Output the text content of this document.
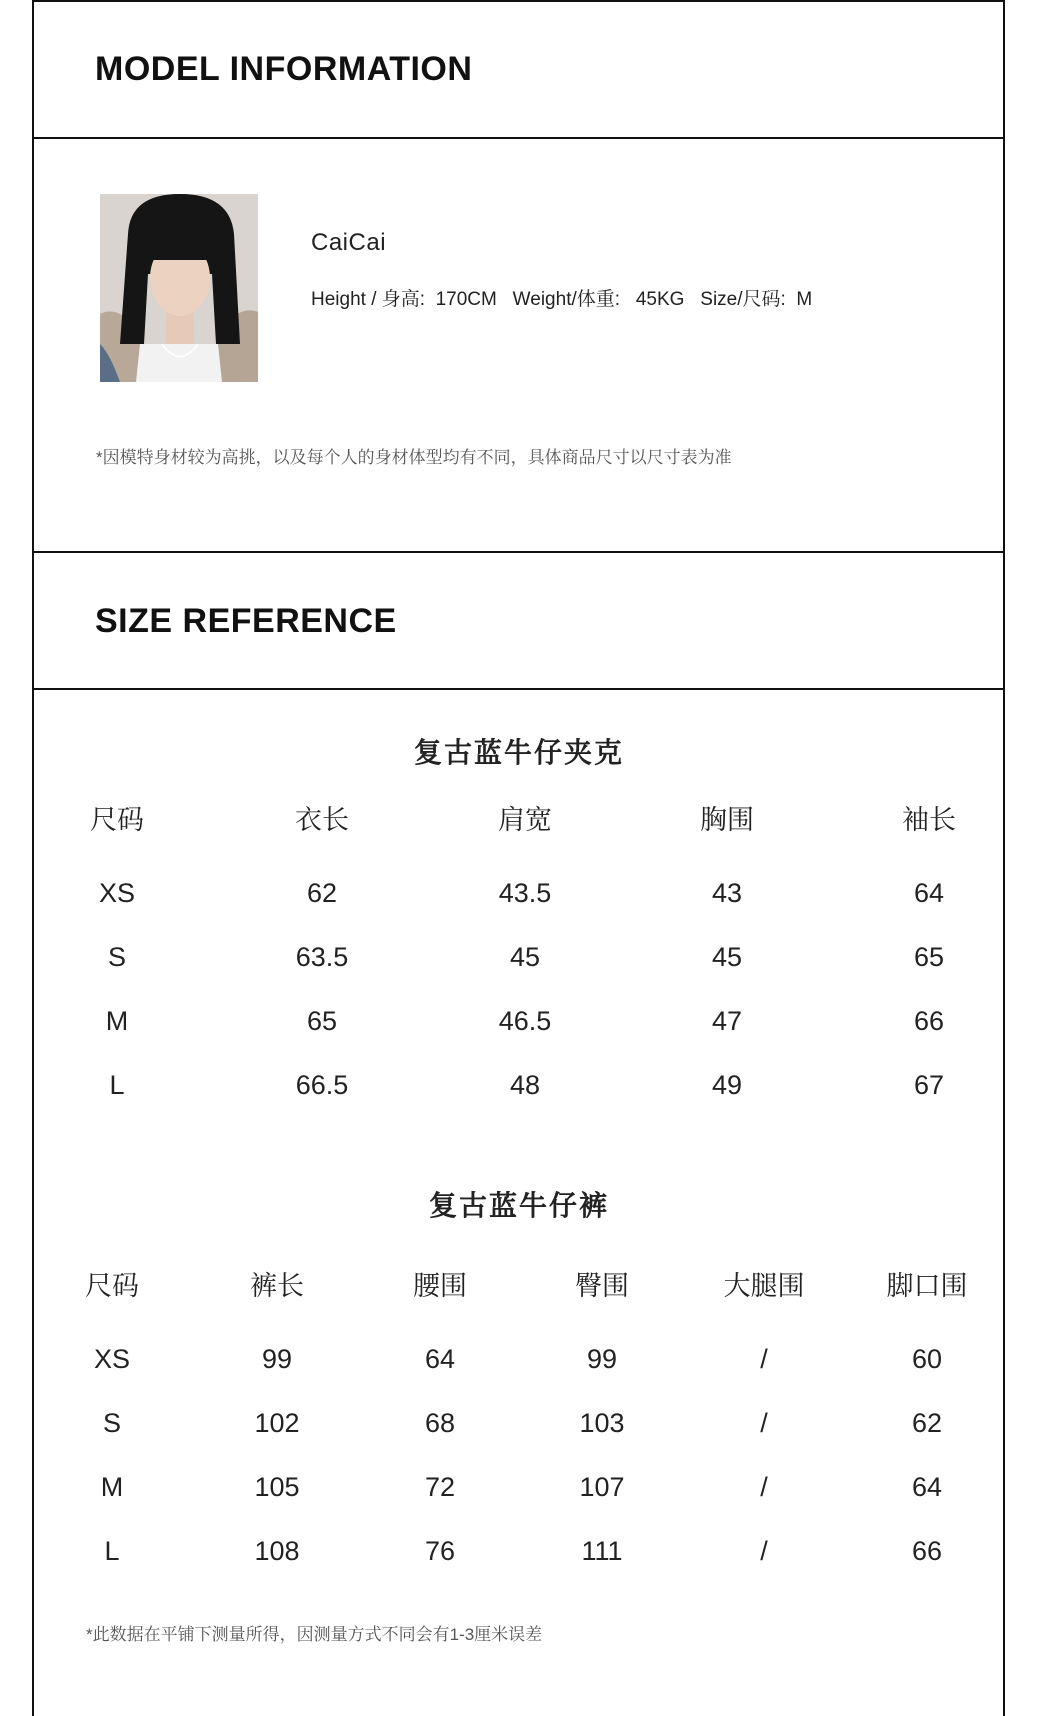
MODEL INFORMATION
CaiCai
Height / 身高:  170CM   Weight/体重:   45KG   Size/尺码:  M
*因模特身材较为高挑，以及每个人的身材体型均有不同，具体商品尺寸以尺寸表为准
SIZE REFERENCE
复古蓝牛仔夹克
尺码	衣长	肩宽	胸围	袖长
XS	62	43.5	43	64
S	63.5	45	45	65
M	65	46.5	47	66
L	66.5	48	49	67
复古蓝牛仔裤
尺码	裤长	腰围	臀围	大腿围	脚口围
XS	99	64	99	/	60
S	102	68	103	/	62
M	105	72	107	/	64
L	108	76	111	/	66
*此数据在平铺下测量所得，因测量方式不同会有1-3厘米误差
